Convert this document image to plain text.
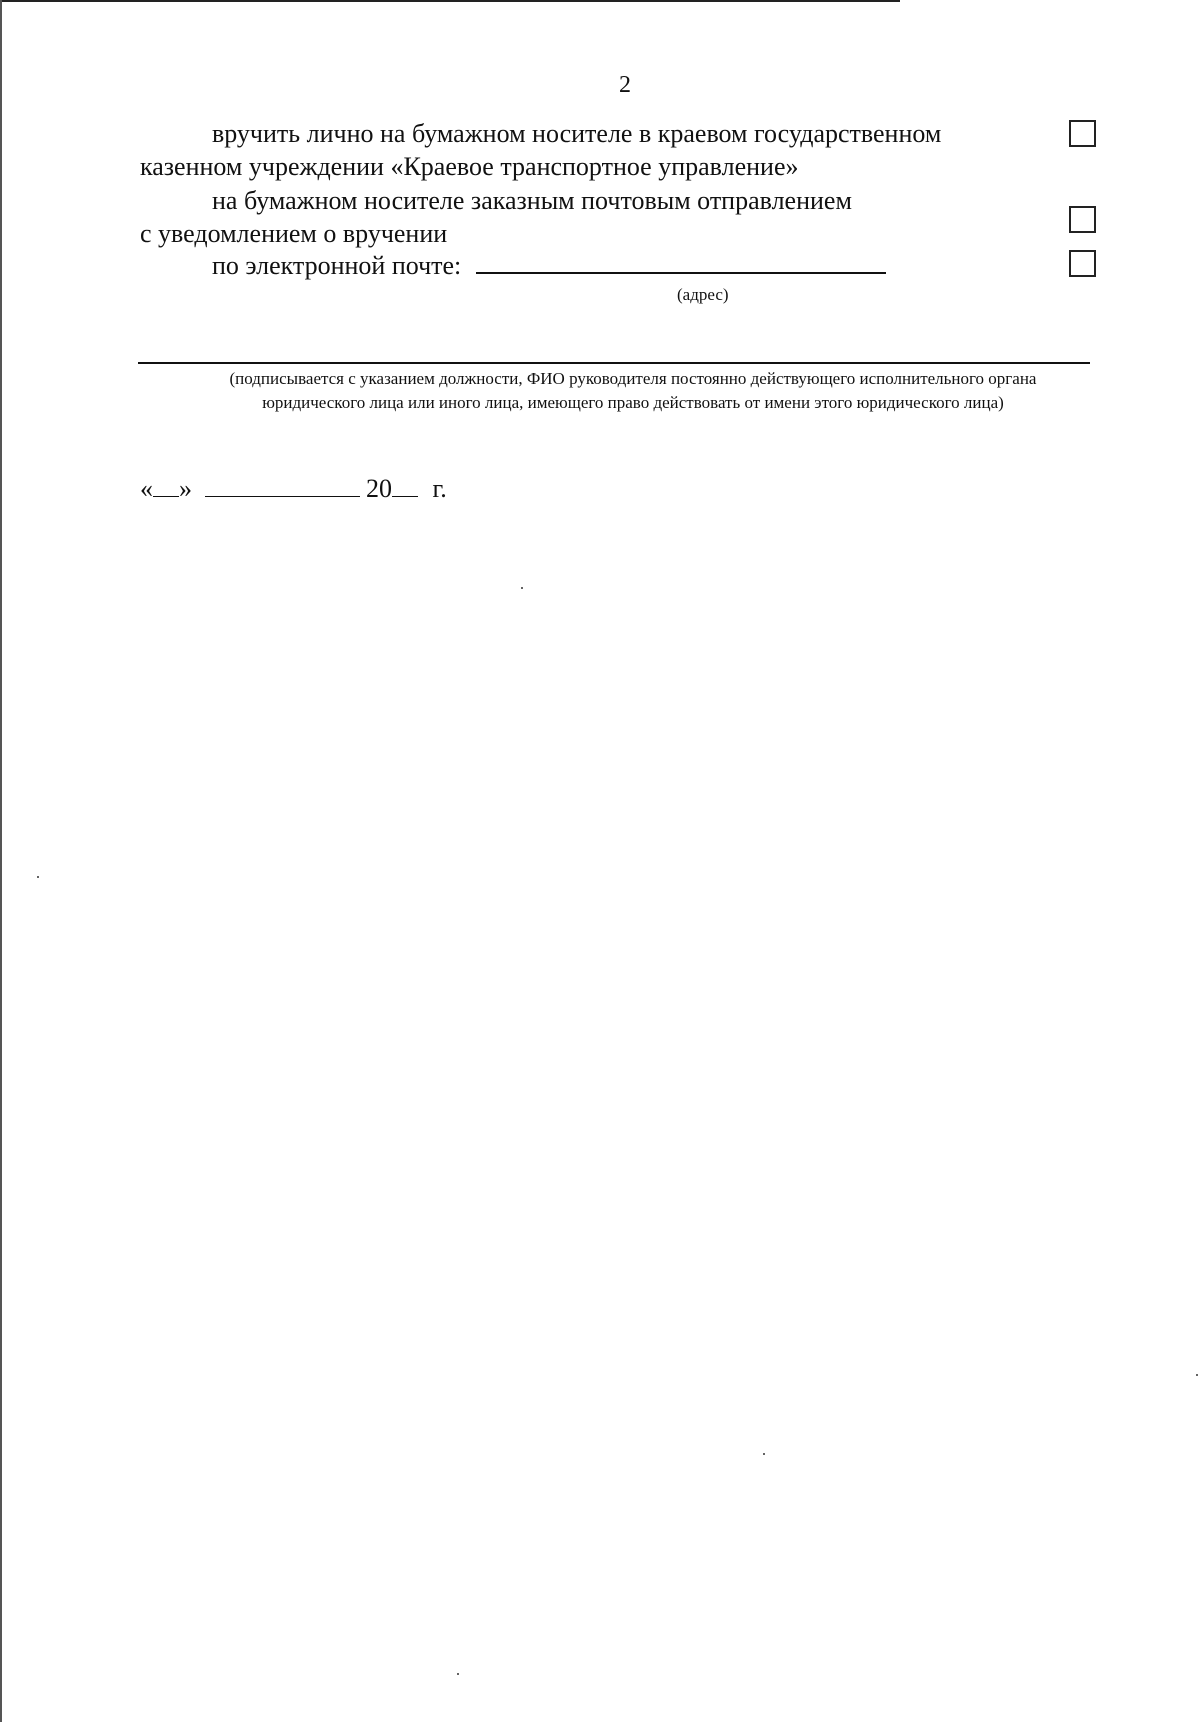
2
вручить лично на бумажном носителе в краевом государственном
казенном учреждении «Краевое транспортное управление»
на бумажном носителе заказным почтовым отправлением
с уведомлением о вручении
по электронной почте:
(адрес)
(подписывается с указанием должности, ФИО руководителя постоянно действующего исполнительного органа
юридического лица или иного лица, имеющего право действовать от имени этого юридического лица)
« »	20 г.
